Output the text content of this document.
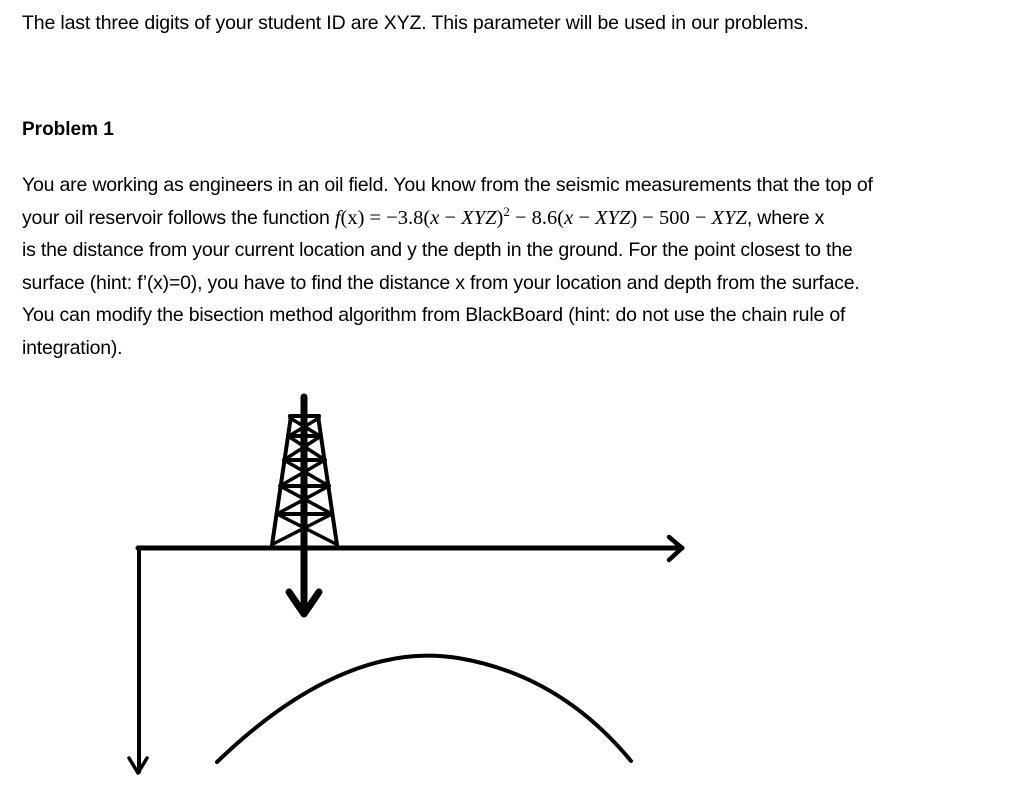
The last three digits of your student ID are XYZ. This parameter will be used in our problems.
Problem 1
You are working as engineers in an oil field. You know from the seismic measurements that the top of
your oil reservoir follows the function f(x) = −3.8(x − XYZ)$^2$ − 8.6(x − XYZ) − 500 − XYZ, where x
is the distance from your current location and y the depth in the ground. For the point closest to the
surface (hint: f’(x)=0), you have to find the distance x from your location and depth from the surface.
You can modify the bisection method algorithm from BlackBoard (hint: do not use the chain rule of
integration).
